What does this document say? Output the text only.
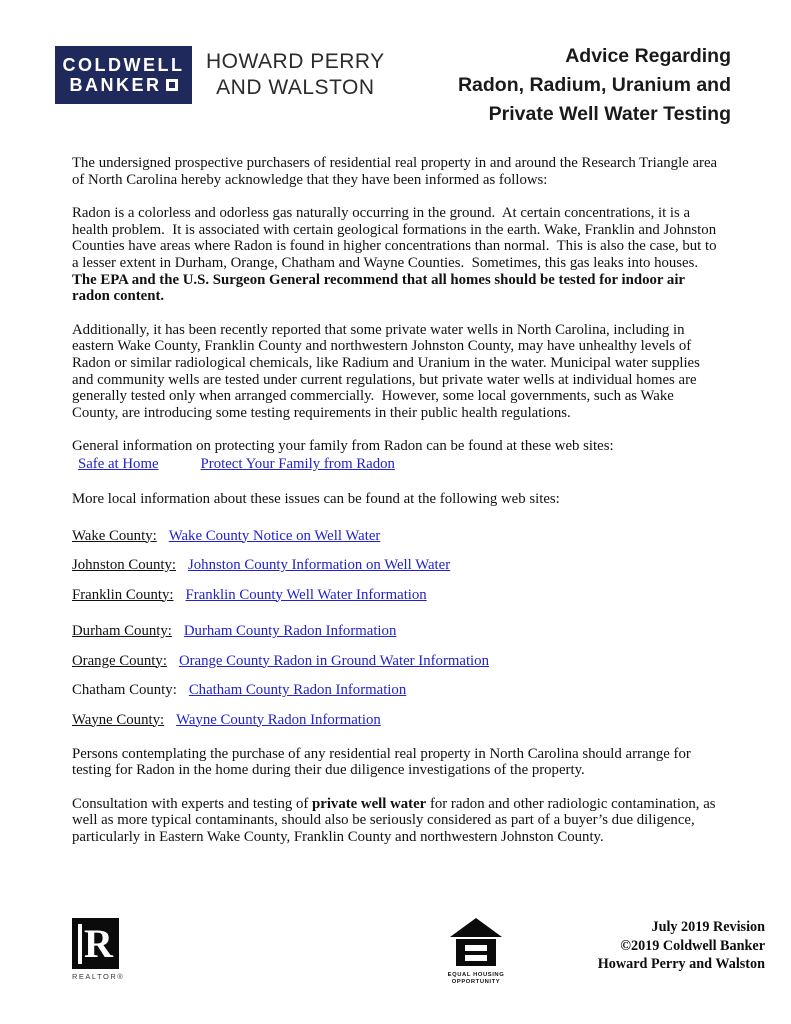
COLDWELL
BANKER
HOWARD PERRY
AND WALSTON
Advice Regarding
Radon, Radium, Uranium and
Private Well Water Testing
The undersigned prospective purchasers of residential real property in and around the Research Triangle area of North Carolina hereby acknowledge that they have been informed as follows:
Radon is a colorless and odorless gas naturally occurring in the ground.  At certain concentrations, it is a health problem.  It is associated with certain geological formations in the earth. Wake, Franklin and Johnston Counties have areas where Radon is found in higher concentrations than normal.  This is also the case, but to a lesser extent in Durham, Orange, Chatham and Wayne Counties.  Sometimes, this gas leaks into houses. The EPA and the U.S. Surgeon General recommend that all homes should be tested for indoor air radon content.
Additionally, it has been recently reported that some private water wells in North Carolina, including in eastern Wake County, Franklin County and northwestern Johnston County, may have unhealthy levels of Radon or similar radiological chemicals, like Radium and Uranium in the water. Municipal water supplies and community wells are tested under current regulations, but private water wells at individual homes are generally tested only when arranged commercially.  However, some local governments, such as Wake County, are introducing some testing requirements in their public health regulations.
General information on protecting your family from Radon can be found at these web sites:
Safe at Home	Protect Your Family from Radon
More local information about these issues can be found at the following web sites:
Wake County: Wake County Notice on Well Water
Johnston County: Johnston County Information on Well Water
Franklin County: Franklin County Well Water Information
Durham County: Durham County Radon Information
Orange County: Orange County Radon in Ground Water Information
Chatham County: Chatham County Radon Information
Wayne County: Wayne County Radon Information
Persons contemplating the purchase of any residential real property in North Carolina should arrange for testing for Radon in the home during their due diligence investigations of the property.
Consultation with experts and testing of private well water for radon and other radiologic contamination, as well as more typical contaminants, should also be seriously considered as part of a buyer’s due diligence, particularly in Eastern Wake County, Franklin County and northwestern Johnston County.
R
REALTOR®	EQUAL HOUSING OPPORTUNITY
July 2019 Revision
©2019 Coldwell Banker
Howard Perry and Walston
